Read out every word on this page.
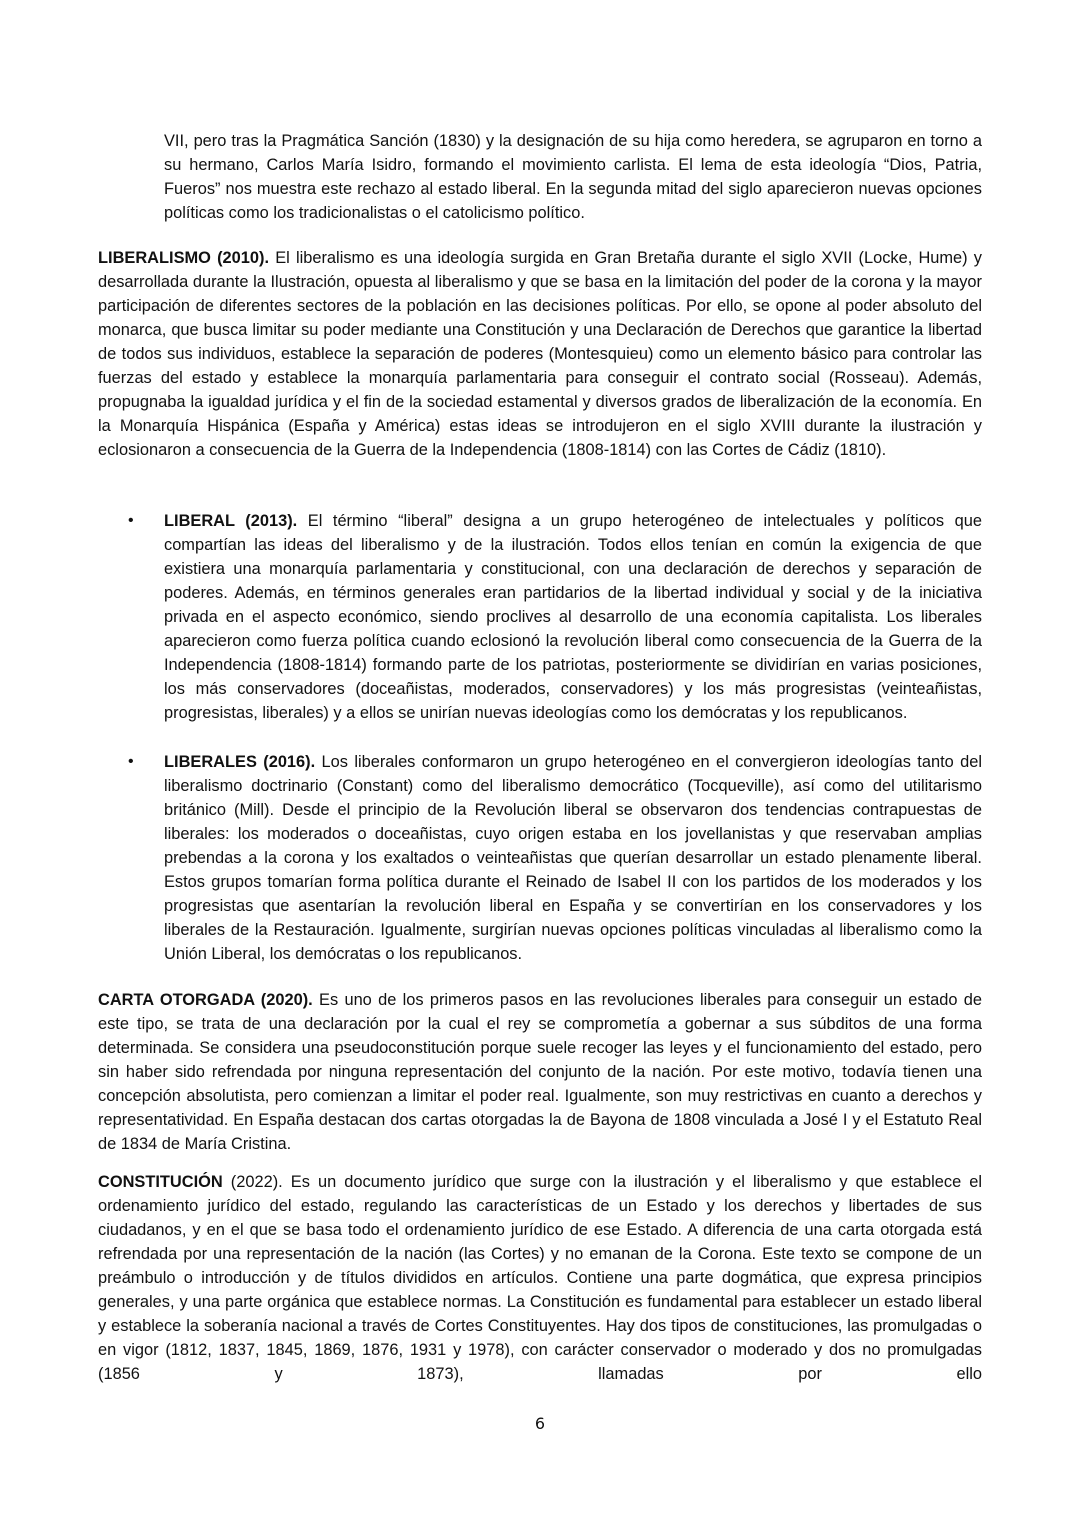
VII, pero tras la Pragmática Sanción (1830) y la designación de su hija como heredera, se agruparon en torno a su hermano, Carlos María Isidro, formando el movimiento carlista. El lema de esta ideología “Dios, Patria, Fueros” nos muestra este rechazo al estado liberal. En la segunda mitad del siglo aparecieron nuevas opciones políticas como los tradicionalistas o el catolicismo político.

LIBERALISMO (2010). El liberalismo es una ideología surgida en Gran Bretaña durante el siglo XVII (Locke, Hume) y desarrollada durante la Ilustración, opuesta al liberalismo y que se basa en la limitación del poder de la corona y la mayor participación de diferentes sectores de la población en las decisiones políticas. Por ello, se opone al poder absoluto del monarca, que busca limitar su poder mediante una Constitución y una Declaración de Derechos que garantice la libertad de todos sus individuos, establece la separación de poderes (Montesquieu) como un elemento básico para controlar las fuerzas del estado y establece la monarquía parlamentaria para conseguir el contrato social (Rosseau). Además, propugnaba la igualdad jurídica y el fin de la sociedad estamental y diversos grados de liberalización de la economía. En la Monarquía Hispánica (España y América) estas ideas se introdujeron en el siglo XVIII durante la ilustración y eclosionaron a consecuencia de la Guerra de la Independencia (1808-1814) con las Cortes de Cádiz (1810).

• LIBERAL (2013). El término “liberal” designa a un grupo heterogéneo de intelectuales y políticos que compartían las ideas del liberalismo y de la ilustración. Todos ellos tenían en común la exigencia de que existiera una monarquía parlamentaria y constitucional, con una declaración de derechos y separación de poderes. Además, en términos generales eran partidarios de la libertad individual y social y de la iniciativa privada en el aspecto económico, siendo proclives al desarrollo de una economía capitalista. Los liberales aparecieron como fuerza política cuando eclosionó la revolución liberal como consecuencia de la Guerra de la Independencia (1808-1814) formando parte de los patriotas, posteriormente se dividirían en varias posiciones, los más conservadores (doceañistas, moderados, conservadores) y los más progresistas (veinteañistas, progresistas, liberales) y a ellos se unirían nuevas ideologías como los demócratas y los republicanos.

• LIBERALES (2016). Los liberales conformaron un grupo heterogéneo en el convergieron ideologías tanto del liberalismo doctrinario (Constant) como del liberalismo democrático (Tocqueville), así como del utilitarismo británico (Mill). Desde el principio de la Revolución liberal se observaron dos tendencias contrapuestas de liberales: los moderados o doceañistas, cuyo origen estaba en los jovellanistas y que reservaban amplias prebendas a la corona y los exaltados o veinteañistas que querían desarrollar un estado plenamente liberal. Estos grupos tomarían forma política durante el Reinado de Isabel II con los partidos de los moderados y los progresistas que asentarían la revolución liberal en España y se convertirían en los conservadores y los liberales de la Restauración. Igualmente, surgirían nuevas opciones políticas vinculadas al liberalismo como la Unión Liberal, los demócratas o los republicanos.

CARTA OTORGADA (2020). Es uno de los primeros pasos en las revoluciones liberales para conseguir un estado de este tipo, se trata de una declaración por la cual el rey se comprometía a gobernar a sus súbditos de una forma determinada. Se considera una pseudoconstitución porque suele recoger las leyes y el funcionamiento del estado, pero sin haber sido refrendada por ninguna representación del conjunto de la nación. Por este motivo, todavía tienen una concepción absolutista, pero comienzan a limitar el poder real. Igualmente, son muy restrictivas en cuanto a derechos y representatividad. En España destacan dos cartas otorgadas la de Bayona de 1808 vinculada a José I y el Estatuto Real de 1834 de María Cristina.

CONSTITUCIÓN (2022). Es un documento jurídico que surge con la ilustración y el liberalismo y que establece el ordenamiento jurídico del estado, regulando las características de un Estado y los derechos y libertades de sus ciudadanos, y en el que se basa todo el ordenamiento jurídico de ese Estado. A diferencia de una carta otorgada está refrendada por una representación de la nación (las Cortes) y no emanan de la Corona. Este texto se compone de un preámbulo o introducción y de títulos divididos en artículos. Contiene una parte dogmática, que expresa principios generales, y una parte orgánica que establece normas. La Constitución es fundamental para establecer un estado liberal y establece la soberanía nacional a través de Cortes Constituyentes. Hay dos tipos de constituciones, las promulgadas o en vigor (1812, 1837, 1845, 1869, 1876, 1931 y 1978), con carácter conservador o moderado y dos no promulgadas (1856 y 1873), llamadas por ello

6
